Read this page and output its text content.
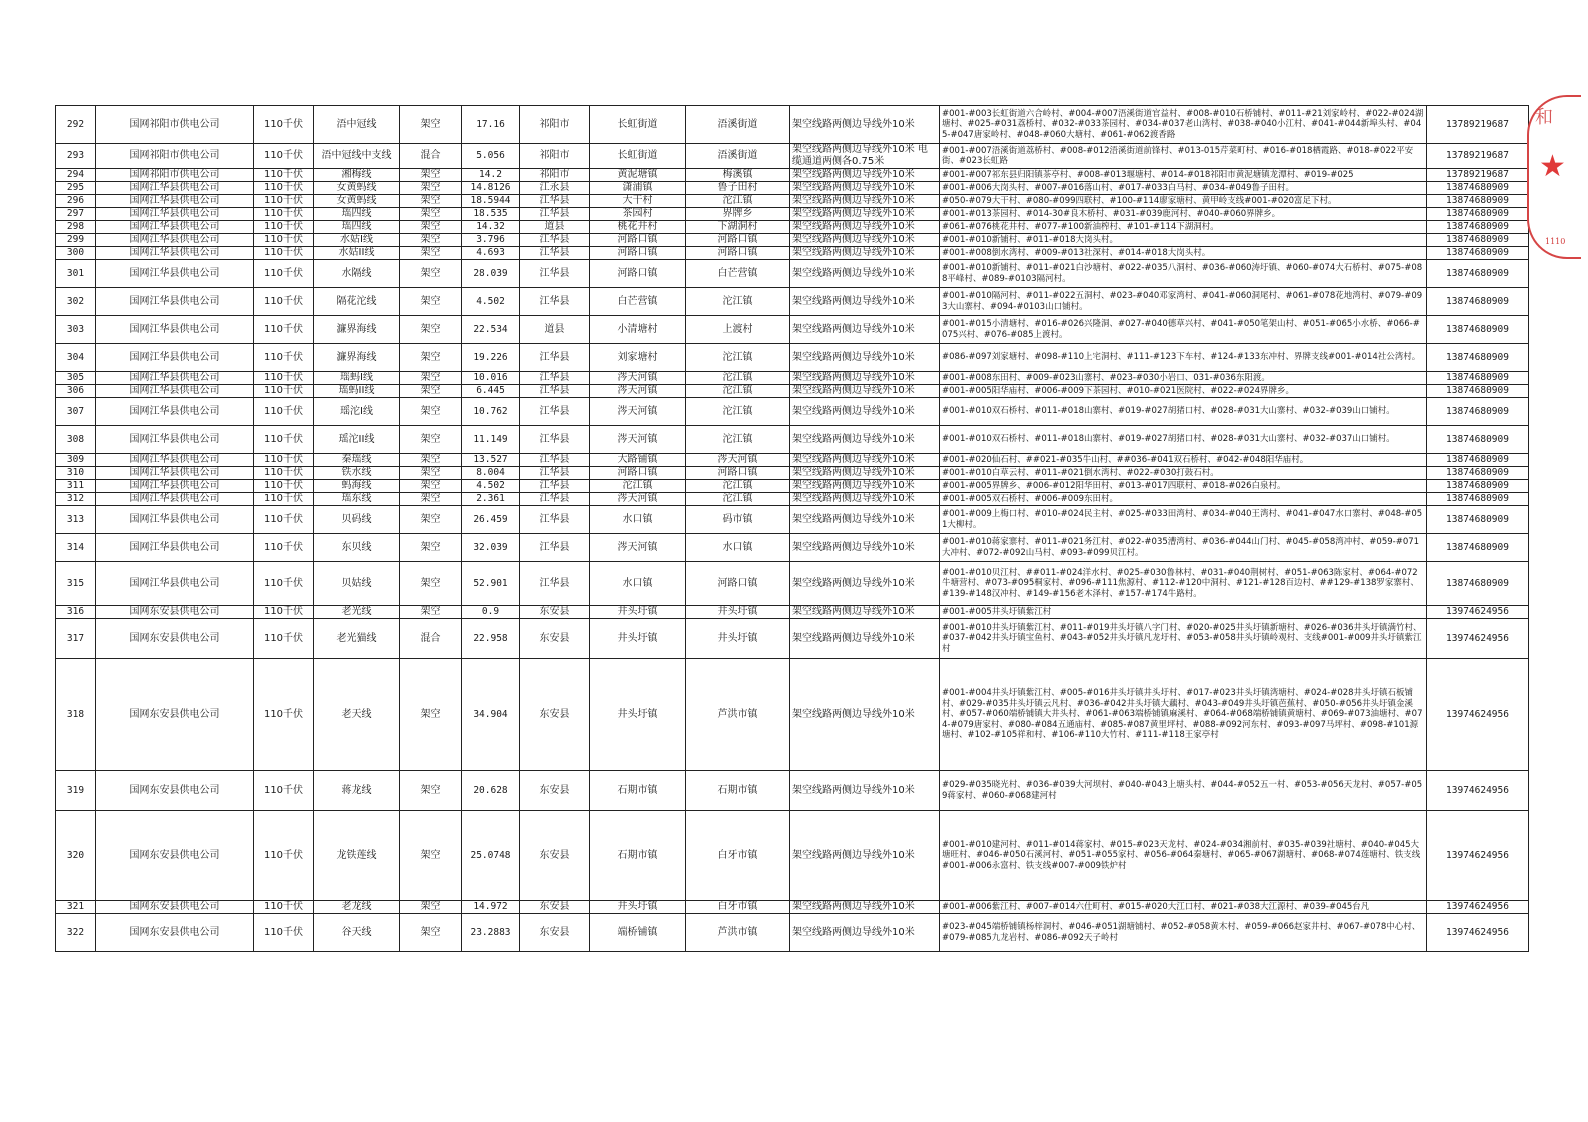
292	国网祁阳市供电公司	110千伏	浯中冠线	架空	17.16	祁阳市	长虹街道	浯溪街道	架空线路两侧边导线外10米	#001-#003长虹街道六合岭村、#004-#007浯溪街道官益村、#008-#010石桥铺村、#011-#21刘家岭村、#022-#024湖塘村、#025-#031荔桥村、#032-#033茶园村、#034-#037老山湾村、#038-#040小江村、#041-#044新埠头村、#045-#047唐家岭村、#048-#060大塘村、#061-#062渡香路	13789219687
293	国网祁阳市供电公司	110千伏	浯中冠线中支线	混合	5.056	祁阳市	长虹街道	浯溪街道	架空线路两侧边导线外10米 电缆通道两侧各0.75米	#001-#007浯溪街道荔桥村、#008-#012浯溪街道前锋村、#013-015芹菜町村、#016-#018栖霞路、#018-#022平安街、#023长虹路	13789219687
294	国网祁阳市供电公司	110千伏	湘梅线	架空	14.2	祁阳市	黄泥塘镇	梅溪镇	架空线路两侧边导线外10米	#001-#007祁东县归阳镇茶亭村、#008-#013堰塘村、#014-#018祁阳市黄泥塘镇龙潭村、#019-#025	13789219687
295	国网江华县供电公司	110千伏	女黄蚂线	架空	14.8126	江永县	潇浦镇	鲁子田村	架空线路两侧边导线外10米	#001-#006大岗头村、#007-#016落山村、#017-#033白马村、#034-#049鲁子田村。	13874680909
296	国网江华县供电公司	110千伏	女黄蚂线	架空	18.5944	江华县	大干村	沱江镇	架空线路两侧边导线外10米	#050-#079大干村、#080-#099四联村、#100-#114廖家塘村、黄甲岭支线#001-#020富足下村。	13874680909
297	国网江华县供电公司	110千伏	瑶四线	架空	18.535	江华县	茶园村	界牌乡	架空线路两侧边导线外10米	#001-#013茶园村、#014-30#良木桥村、#031-#039鹿河村、#040-#060界牌乡。	13874680909
298	国网江华县供电公司	110千伏	瑶四线	架空	14.32	道县	桃花井村	下湖洞村	架空线路两侧边导线外10米	#061-#076桃花井村、#077-#100新油榨村、#101-#114下湖洞村。	13874680909
299	国网江华县供电公司	110千伏	水姑I线	架空	3.796	江华县	河路口镇	河路口镇	架空线路两侧边导线外10米	#001-#010新铺村、#011-#018大岗头村。	13874680909
300	国网江华县供电公司	110千伏	水姑II线	架空	4.693	江华县	河路口镇	河路口镇	架空线路两侧边导线外10米	#001-#008倒水湾村、#009-#013社深村、#014-#018大岗头村。	13874680909
301	国网江华县供电公司	110千伏	水隔线	架空	28.039	江华县	河路口镇	白芒营镇	架空线路两侧边导线外10米	#001-#010新铺村、#011-#021白沙塘村、#022-#035八洞村、#036-#060涛圩镇、#060-#074大石桥村、#075-#088平峰村、#089-#0103隔河村。	13874680909
302	国网江华县供电公司	110千伏	隔花沱线	架空	4.502	江华县	白芒营镇	沱江镇	架空线路两侧边导线外10米	#001-#010隔河村、#011-#022五洞村、#023-#040邓家湾村、#041-#060洞尾村、#061-#078花地湾村、#079-#093大山寨村、#094-#0103山口铺村。	13874680909
303	国网江华县供电公司	110千伏	濂界海线	架空	22.534	道县	小清塘村	上渡村	架空线路两侧边导线外10米	#001-#015小清塘村、#016-#026兴隆洞、#027-#040德草兴村、#041-#050笔架山村、#051-#065小水桥、#066-#075兴村、#076-#085上渡村。	13874680909
304	国网江华县供电公司	110千伏	濂界海线	架空	19.226	江华县	刘家塘村	沱江镇	架空线路两侧边导线外10米	#086-#097刘家塘村、#098-#110上宅洞村、#111-#123下车村、#124-#133东冲村、界牌支线#001-#014社公湾村。	13874680909
305	国网江华县供电公司	110千伏	瑶蚂I线	架空	10.016	江华县	涔天河镇	沱江镇	架空线路两侧边导线外10米	#001-#008东田村、#009-#023山寨村、#023-#030小岩口、031-#036东阳渡。	13874680909
306	国网江华县供电公司	110千伏	瑶蚂II线	架空	6.445	江华县	涔天河镇	沱江镇	架空线路两侧边导线外10米	#001-#005阳华庙村、#006-#009下茶园村、#010-#021医院村、#022-#024界牌乡。	13874680909
307	国网江华县供电公司	110千伏	瑶沱I线	架空	10.762	江华县	涔天河镇	沱江镇	架空线路两侧边导线外10米	#001-#010双石桥村、#011-#018山寨村、#019-#027胡猪口村、#028-#031大山寨村、#032-#039山口铺村。	13874680909
308	国网江华县供电公司	110千伏	瑶沱II线	架空	11.149	江华县	涔天河镇	沱江镇	架空线路两侧边导线外10米	#001-#010双石桥村、#011-#018山寨村、#019-#027胡猪口村、#028-#031大山寨村、#032-#037山口铺村。	13874680909
309	国网江华县供电公司	110千伏	秦瑶线	架空	13.527	江华县	大路铺镇	涔天河镇	架空线路两侧边导线外10米	#001-#020仙石村、##021-#035牛山村、##036-#041双石桥村、#042-#048阳华庙村。	13874680909
310	国网江华县供电公司	110千伏	铁水线	架空	8.004	江华县	河路口镇	河路口镇	架空线路两侧边导线外10米	#001-#010白草云村、#011-#021倒水湾村、#022-#030打鼓石村。	13874680909
311	国网江华县供电公司	110千伏	蚂海线	架空	4.502	江华县	沱江镇	沱江镇	架空线路两侧边导线外10米	#001-#005界牌乡、#006-#012阳华田村、#013-#017四联村、#018-#026白泉村。	13874680909
312	国网江华县供电公司	110千伏	瑶东线	架空	2.361	江华县	涔天河镇	沱江镇	架空线路两侧边导线外10米	#001-#005双石桥村、#006-#009东田村。	13874680909
313	国网江华县供电公司	110千伏	贝码线	架空	26.459	江华县	水口镇	码市镇	架空线路两侧边导线外10米	#001-#009上梅口村、#010-#024民主村、#025-#033田湾村、#034-#040王湾村、#041-#047水口寨村、#048-#051大柳村。	13874680909
314	国网江华县供电公司	110千伏	东贝线	架空	32.039	江华县	涔天河镇	水口镇	架空线路两侧边导线外10米	#001-#010蒋家寨村、#011-#021务江村、#022-#035漕湾村、#036-#044山门村、#045-#058湾冲村、#059-#071大冲村、#072-#092山马村、#093-#099贝江村。	13874680909
315	国网江华县供电公司	110千伏	贝姑线	架空	52.901	江华县	水口镇	河路口镇	架空线路两侧边导线外10米	#001-#010贝江村、##011-#024洋水村、#025-#030鲁林村、#031-#040荆树村、#051-#063陈家村、#064-#072牛塘营村、#073-#095桐家村、#096-#111焦源村、#112-#120中洞村、#121-#128百边村、##129-#138罗家寨村、#139-#148汉冲村、#149-#156老木泽村、#157-#174牛路村。	13874680909
316	国网东安县供电公司	110千伏	老光线	架空	0.9	东安县	井头圩镇	井头圩镇	架空线路两侧边导线外10米	#001-#005井头圩镇紫江村	13974624956
317	国网东安县供电公司	110千伏	老光猫线	混合	22.958	东安县	井头圩镇	井头圩镇	架空线路两侧边导线外10米	#001-#010井头圩镇紫江村、#011-#019井头圩镇八字门村、#020-#025井头圩镇新塘村、#026-#036井头圩镇满竹村、#037-#042井头圩镇宝鱼村、#043-#052井头圩镇凡龙圩村、#053-#058井头圩镇岭观村、支线#001-#009井头圩镇紫江村	13974624956
318	国网东安县供电公司	110千伏	老天线	架空	34.904	东安县	井头圩镇	芦洪市镇	架空线路两侧边导线外10米	#001-#004井头圩镇紫江村、#005-#016井头圩镇井头圩村、#017-#023井头圩镇湾塘村、#024-#028井头圩镇石板铺村、#029-#035井头圩镇云凡村、#036-#042井头圩镇大藕村、#043-#049井头圩镇芭蕉村、#050-#056井头圩镇金溪村、#057-#060端桥铺镇大井头村、#061-#063端桥铺镇麻溪村、#064-#068端桥铺镇黄塘村、#069-#073油塘村、#074-#079唐家村、#080-#084五通庙村、#085-#087黄里坪村、#088-#092河东村、#093-#097马坪村、#098-#101源塘村、#102-#105祥和村、#106-#110大竹村、#111-#118王家亭村	13974624956
319	国网东安县供电公司	110千伏	蒋龙线	架空	20.628	东安县	石期市镇	石期市镇	架空线路两侧边导线外10米	#029-#035晓光村、#036-#039大河坝村、#040-#043上塘头村、#044-#052五一村、#053-#056天龙村、#057-#059蒋家村、#060-#068建河村	13974624956
320	国网东安县供电公司	110千伏	龙铁莲线	架空	25.0748	东安县	石期市镇	白牙市镇	架空线路两侧边导线外10米	#001-#010建河村、#011-#014蒋家村、#015-#023天龙村、#024-#034湘前村、#035-#039社塘村、#040-#045大塘旺村、#046-#050石溪河村、#051-#055家村、#056-#064秦塘村、#065-#067湖塘村、#068-#074莲塘村、铁支线#001-#006永富村、铁支线#007-#009铁炉村	13974624956
321	国网东安县供电公司	110千伏	老龙线	架空	14.972	东安县	井头圩镇	白牙市镇	架空线路两侧边导线外10米	#001-#006紫江村、#007-#014六仕町村、#015-#020大江口村、#021-#038大江源村、#039-#045台凡	13974624956
322	国网东安县供电公司	110千伏	谷天线	架空	23.2883	东安县	端桥铺镇	芦洪市镇	架空线路两侧边导线外10米	#023-#045端桥铺镇杨梓洞村、#046-#051湖塘铺村、#052-#058黄木村、#059-#066赵家井村、#067-#078中心村、#079-#085九龙岩村、#086-#092天子岭村	13974624956
和
★
1110
